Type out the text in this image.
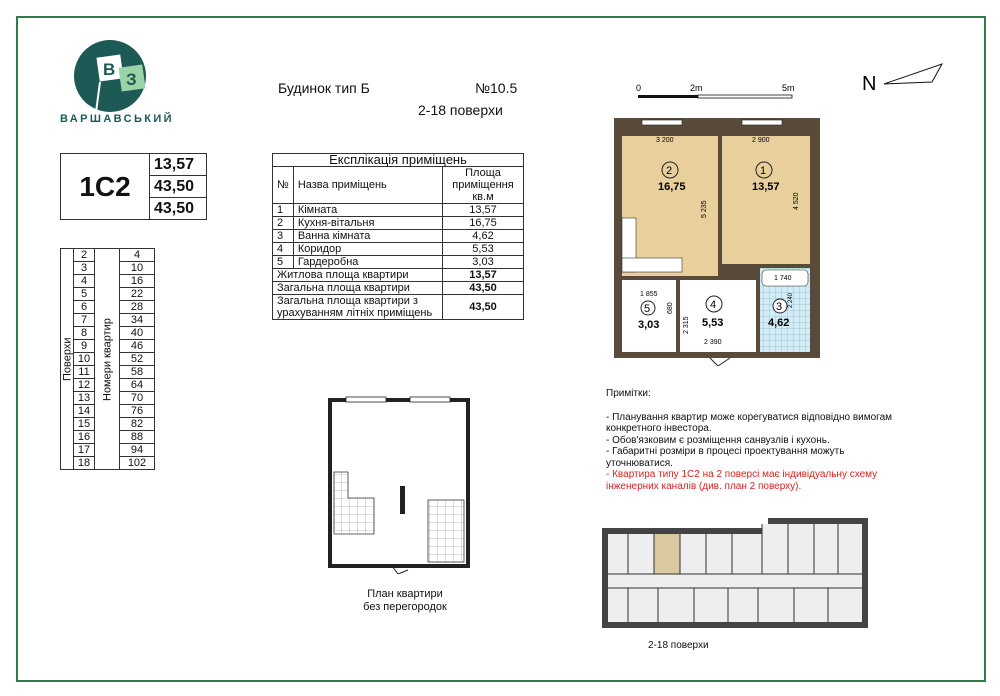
В
З
ВАРШАВСЬКИЙ
Будинок тип Б	№10.5
2-18 поверхи
1С2	13,57
43,50
43,50
Поверхи	2	Номери квартир	4
	3		10
	4		16
	5		22
	6		28
	7		34
	8		40
	9		46
	10		52
	11		58
	12		64
	13		70
	14		76
	15		82
	16		88
	17		94
	18		102
Експлікація приміщень		
№	Назва приміщень	Площа приміщення кв.м
1	Кімната	13,57
2	Кухня-вітальня	16,75
3	Ванна кімната	4,62
4	Коридор	5,53
5	Гардеробна	3,03
Житлова площа квартири		13,57
Загальна площа квартири		43,50
Загальна площа квартири з урахуванням літніх приміщень		43,50
План квартири
без перегородок
0	2m	5m	N
2
16,75
1
13,57
3
4,62
4
5,53
5
3,03
3 200	2 900
5 235	4 520
1 740
1 855
2 390
2 315
680
2 240
Примітки:
- Планування квартир може корегуватися відповідно вимогам конкретного інвестора.
- Обов'язковим є розміщення санвузлів і кухонь.
- Габаритні розміри в процесі проектування можуть уточнюватися.
- Квартира типу 1С2 на 2 поверсі має індивідуальну схему інженерних каналів (див. план 2 поверху).
2-18 поверхи
